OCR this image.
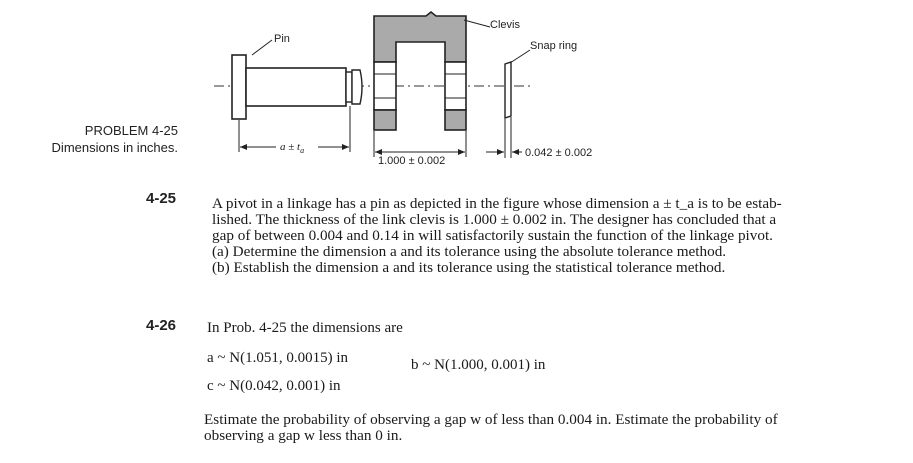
Pin
Clevis
Snap ring
$a \pm t_a$
1.000 ± 0.002
0.042 ± 0.002
PROBLEM 4-25
Dimensions in inches.
4-25 A pivot in a linkage has a pin as depicted in the figure whose dimension a ± t_a is to be estab-

lished. The thickness of the link clevis is 1.000 ± 0.002 in. The designer has concluded that a

gap of between 0.004 and 0.14 in will satisfactorily sustain the function of the linkage pivot.

(a) Determine the dimension a and its tolerance using the absolute tolerance method.

(b) Establish the dimension a and its tolerance using the statistical tolerance method.

4-26 In Prob. 4-25 the dimensions are
a ~ N(1.051, 0.0015) in	b ~ N(1.000, 0.001) in
c ~ N(0.042, 0.001) in

Estimate the probability of observing a gap w of less than 0.004 in. Estimate the probability of

observing a gap w less than 0 in.
